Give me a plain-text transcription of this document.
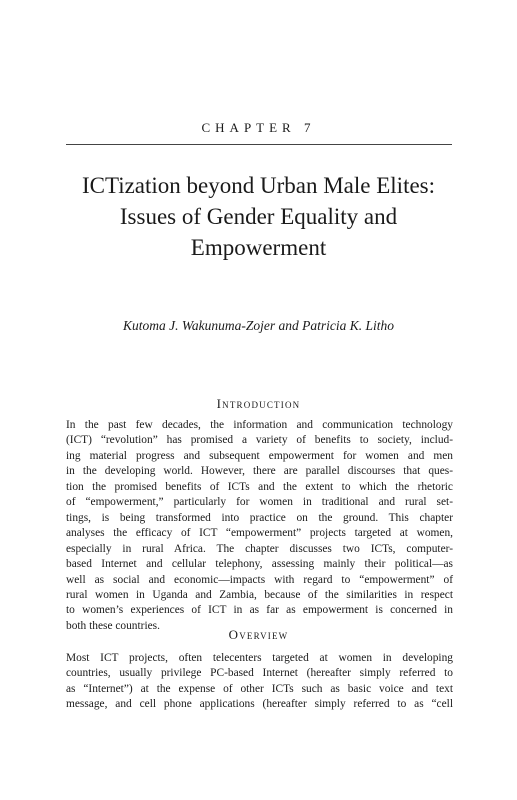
CHAPTER 7
ICTization beyond Urban Male Elites:
Issues of Gender Equality and
Empowerment
Kutoma J. Wakunuma-Zojer and Patricia K. Litho
Introduction
In the past few decades, the information and communication technology
(ICT) “revolution” has promised a variety of benefits to society, includ-
ing material progress and subsequent empowerment for women and men
in the developing world. However, there are parallel discourses that ques-
tion the promised benefits of ICTs and the extent to which the rhetoric
of “empowerment,” particularly for women in traditional and rural set-
tings, is being transformed into practice on the ground. This chapter
analyses the efficacy of ICT “empowerment” projects targeted at women,
especially in rural Africa. The chapter discusses two ICTs, computer-
based Internet and cellular telephony, assessing mainly their political—as
well as social and economic—impacts with regard to “empowerment” of
rural women in Uganda and Zambia, because of the similarities in respect
to women’s experiences of ICT in as far as empowerment is concerned in
both these countries.
Overview
Most ICT projects, often telecenters targeted at women in developing
countries, usually privilege PC-based Internet (hereafter simply referred to
as “Internet”) at the expense of other ICTs such as basic voice and text
message, and cell phone applications (hereafter simply referred to as “cell
